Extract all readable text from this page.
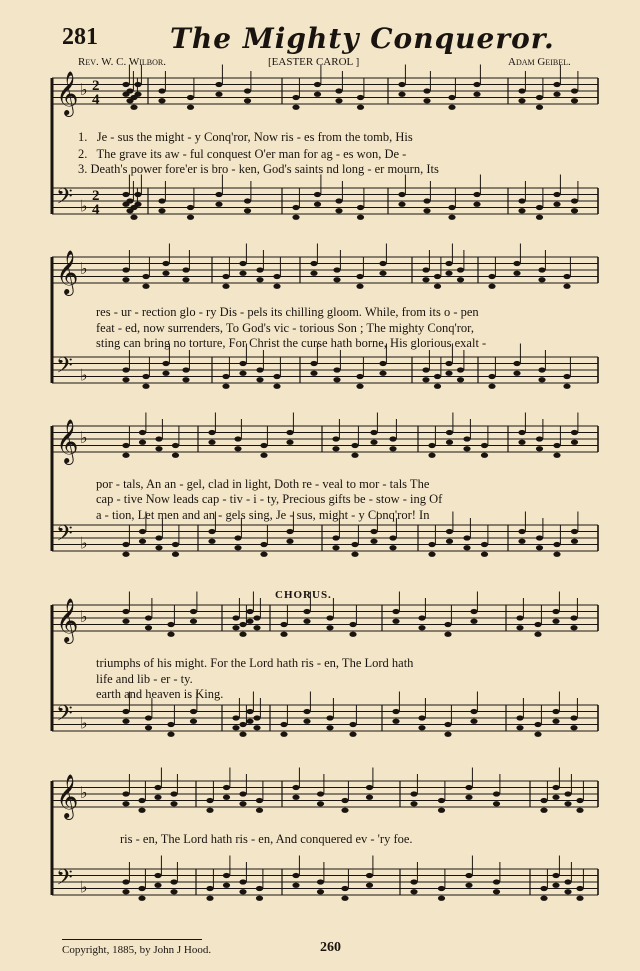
281	The Mighty Conqueror.
Rev. W. C. Wilbor.	[EASTER CAROL ]	Adam Geibel.
𝄞 ♭
𝄢 ♭
𝄞 ♭
𝄢 ♭
𝄞 ♭
𝄢 ♭
𝄞 ♭
𝄢 ♭
𝄞 ♭
𝄢 ♭
2
4
2
4
1.   Je - sus the might - y Conq'ror, Now ris - es from the tomb, His
2.   The grave its aw - ful conquest O'er man for ag - es won, De -
3. Death's power fore'er is bro - ken, God's saints nd long - er mourn, Its
res - ur - rection glo - ry Dis - pels its chilling gloom. While, from its o - pen
feat - ed, now surrenders, To God's vic - torious Son ; The mighty Conq'ror,
sting can bring no torture, For Christ the curse hath borne, His glorious exalt -
por - tals, An an - gel, clad in light, Doth re - veal to mor - tals The
cap - tive Now leads cap - tiv - i - ty, Precious gifts be - stow - ing Of
a - tion, Let men and an - gels sing, Je - sus, might - y Conq'ror! In
CHORUS.
triumphs of his might. For the Lord hath ris - en, The Lord hath
life and lib - er - ty.
earth and heaven is King.
ris - en, The Lord hath ris - en, And conquered ev - 'ry foe.
Copyright, 1885, by John J Hood.	260
